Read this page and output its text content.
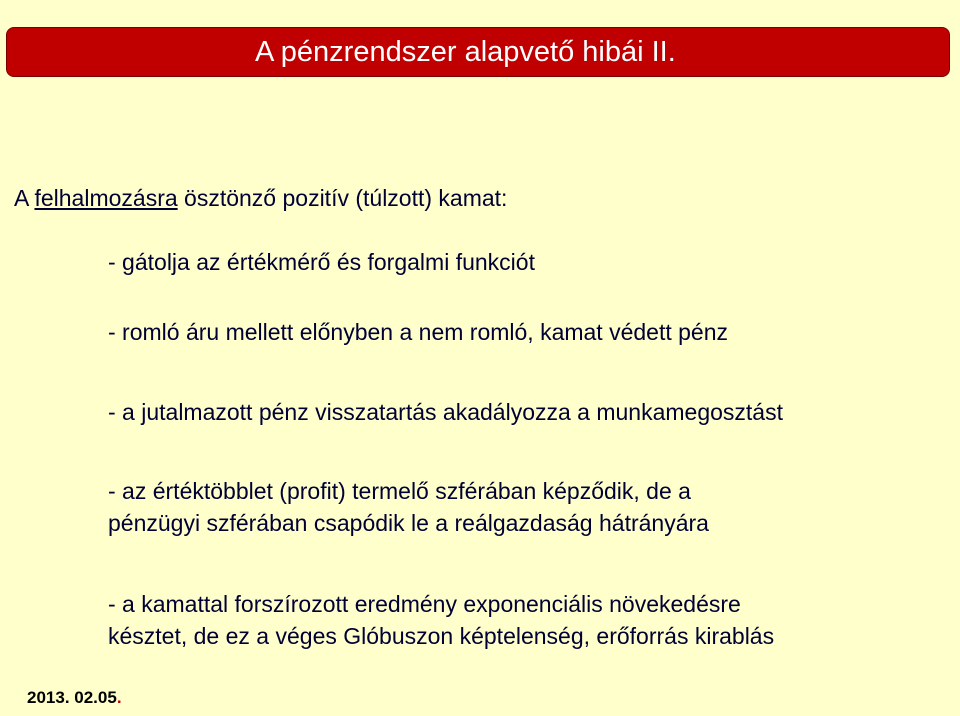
A pénzrendszer alapvető hibái II.
A felhalmozásra ösztönző pozitív (túlzott) kamat:
- gátolja az értékmérő és forgalmi funkciót
- romló áru mellett előnyben a nem romló, kamat védett pénz
- a jutalmazott pénz visszatartás akadályozza a munkamegosztást
- az értéktöbblet (profit) termelő szférában képződik, de a
pénzügyi szférában csapódik le a reálgazdaság hátrányára
- a kamattal forszírozott eredmény exponenciális növekedésre
késztet, de ez a véges Glóbuszon képtelenség, erőforrás kirablás
2013. 02.05.
